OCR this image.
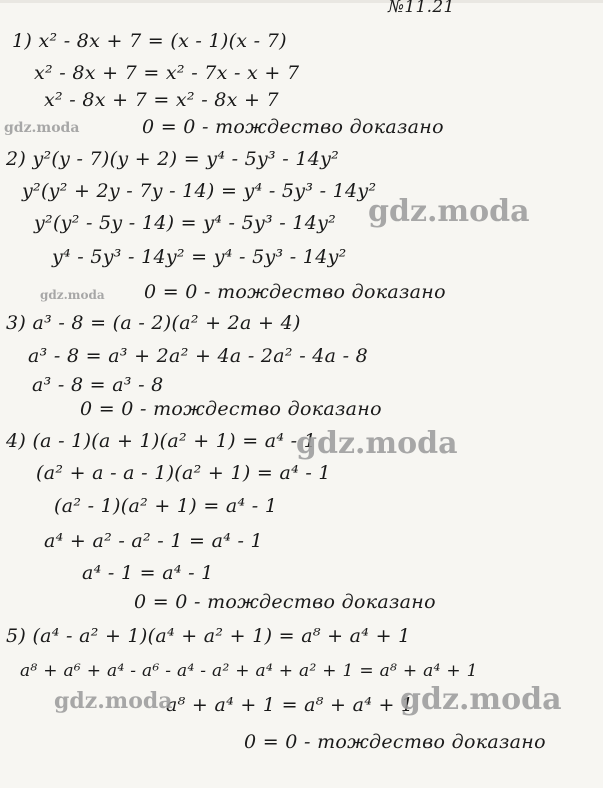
№11.21
1) x² - 8x + 7 = (x - 1)(x - 7)
x² - 8x + 7 = x² - 7x - x + 7
x² - 8x + 7 = x² - 8x + 7
0 = 0 - тождество доказано
2) y²(y - 7)(y + 2) = y⁴ - 5y³ - 14y²
y²(y² + 2y - 7y - 14) = y⁴ - 5y³ - 14y²
y²(y² - 5y - 14) = y⁴ - 5y³ - 14y²
y⁴ - 5y³ - 14y² = y⁴ - 5y³ - 14y²
0 = 0 - тождество доказано
3) a³ - 8 = (a - 2)(a² + 2a + 4)
a³ - 8 = a³ + 2a² + 4a - 2a² - 4a - 8
a³ - 8 = a³ - 8
0 = 0 - тождество доказано
4) (a - 1)(a + 1)(a² + 1) = a⁴ - 1
(a² + a - a - 1)(a² + 1) = a⁴ - 1
(a² - 1)(a² + 1) = a⁴ - 1
a⁴ + a² - a² - 1 = a⁴ - 1
a⁴ - 1 = a⁴ - 1
0 = 0 - тождество доказано
5) (a⁴ - a² + 1)(a⁴ + a² + 1) = a⁸ + a⁴ + 1
a⁸ + a⁶ + a⁴ - a⁶ - a⁴ - a² + a⁴ + a² + 1 = a⁸ + a⁴ + 1
a⁸ + a⁴ + 1 = a⁸ + a⁴ + 1
0 = 0 - тождество доказано
gdz.moda
gdz.moda
gdz.moda
gdz.moda
gdz.moda	gdz.moda
